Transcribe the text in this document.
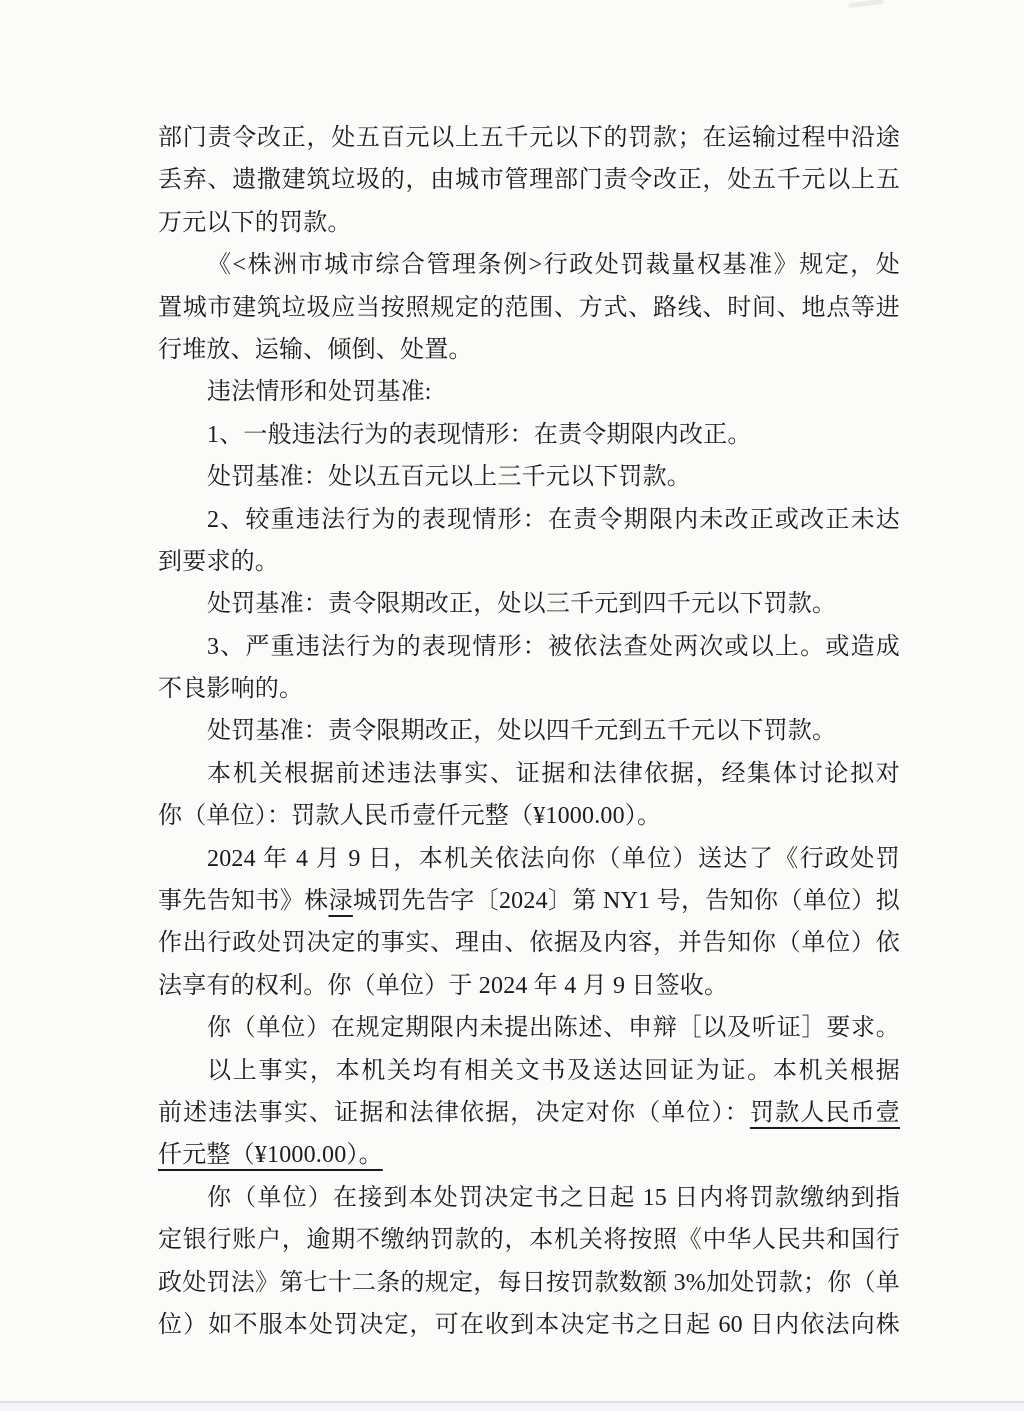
部门责令改正，处五百元以上五千元以下的罚款；在运输过程中沿途
丢弃、遗撒建筑垃圾的，由城市管理部门责令改正，处五千元以上五
万元以下的罚款。
《<株洲市城市综合管理条例>行政处罚裁量权基准》规定，处
置城市建筑垃圾应当按照规定的范围、方式、路线、时间、地点等进
行堆放、运输、倾倒、处置。
违法情形和处罚基准:
1、一般违法行为的表现情形：在责令期限内改正。
处罚基准：处以五百元以上三千元以下罚款。
2、较重违法行为的表现情形：在责令期限内未改正或改正未达
到要求的。
处罚基准：责令限期改正，处以三千元到四千元以下罚款。
3、严重违法行为的表现情形：被依法查处两次或以上。或造成
不良影响的。
处罚基准：责令限期改正，处以四千元到五千元以下罚款。
本机关根据前述违法事实、证据和法律依据，经集体讨论拟对
你（单位）：罚款人民币壹仟元整（¥1000.00）。
2024 年 4 月 9 日，本机关依法向你（单位）送达了《行政处罚
事先告知书》株渌城罚先告字〔2024〕第 NY1 号，告知你（单位）拟
作出行政处罚决定的事实、理由、依据及内容，并告知你（单位）依
法享有的权利。你（单位）于 2024 年 4 月 9 日签收。
你（单位）在规定期限内未提出陈述、申辩［以及听证］要求。
以上事实，本机关均有相关文书及送达回证为证。本机关根据
前述违法事实、证据和法律依据，决定对你（单位）：罚款人民币壹
仟元整（¥1000.00）。
你（单位）在接到本处罚决定书之日起 15 日内将罚款缴纳到指
定银行账户，逾期不缴纳罚款的，本机关将按照《中华人民共和国行
政处罚法》第七十二条的规定，每日按罚款数额 3%加处罚款；你（单
位）如不服本处罚决定，可在收到本决定书之日起 60 日内依法向株
